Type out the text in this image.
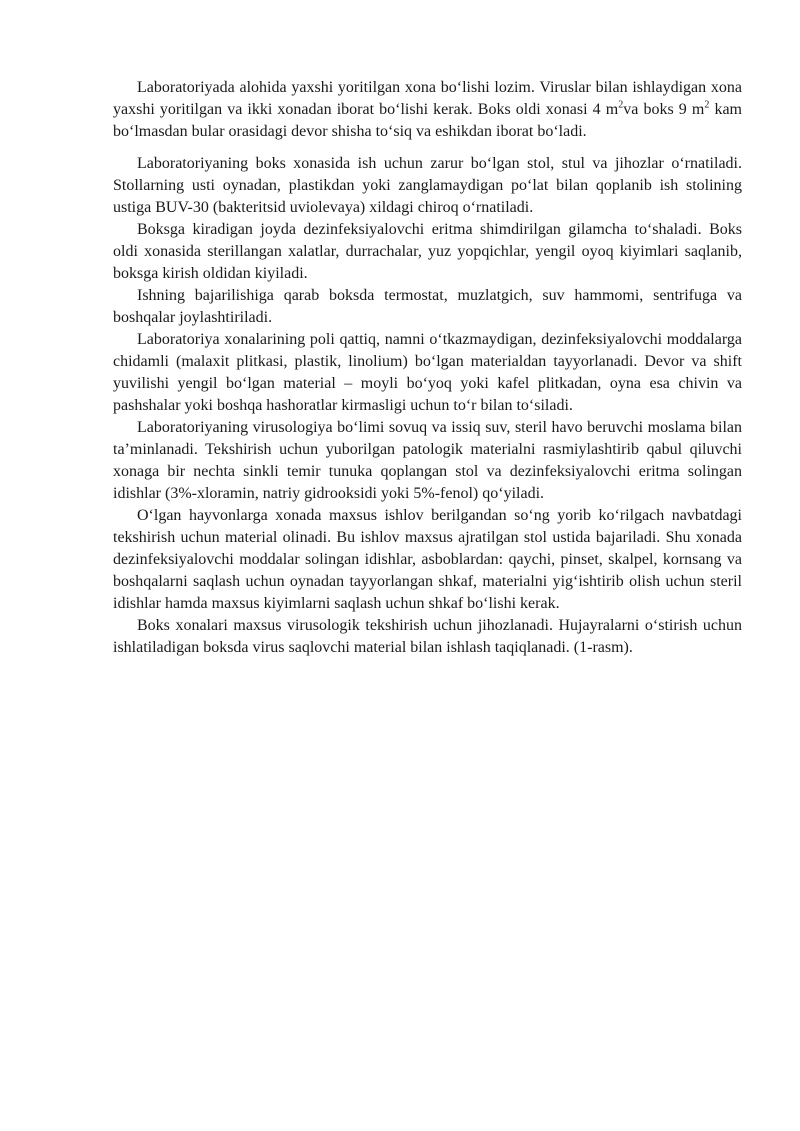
Laboratoriyada alohida yaxshi yoritilgan xona bo‘lishi lozim. Viruslar bilan ishlaydigan xona yaxshi yoritilgan va ikki xonadan iborat bo‘lishi kerak. Boks oldi xonasi 4 $m^2va$ boks 9 $m^2$ kam bo‘lmasdan bular orasidagi devor shisha to‘siq va eshikdan iborat bo‘ladi.

Laboratoriyaning boks xonasida ish uchun zarur bo‘lgan stol, stul va jihozlar o‘rnatiladi. Stollarning usti oynadan, plastikdan yoki zanglamaydigan po‘lat bilan qoplanib ish stolining ustiga BUV-30 (bakteritsid uviolevaya) xildagi chiroq o‘rnatiladi.

Boksga kiradigan joyda dezinfeksiyalovchi eritma shimdirilgan gilamcha to‘shaladi. Boks oldi xonasida sterillangan xalatlar, durrachalar, yuz yopqichlar, yengil oyoq kiyimlari saqlanib, boksga kirish oldidan kiyiladi.

Ishning bajarilishiga qarab boksda termostat, muzlatgich, suv hammomi, sentrifuga va boshqalar joylashtiriladi.

Laboratoriya xonalarining poli qattiq, namni o‘tkazmaydigan, dezinfeksiyalovchi moddalarga chidamli (malaxit plitkasi, plastik, linolium) bo‘lgan materialdan tayyorlanadi. Devor va shift yuvilishi yengil bo‘lgan material – moyli bo‘yoq yoki kafel plitkadan, oyna esa chivin va pashshalar yoki boshqa hashoratlar kirmasligi uchun to‘r bilan to‘siladi.

Laboratoriyaning virusologiya bo‘limi sovuq va issiq suv, steril havo beruvchi moslama bilan ta’minlanadi. Tekshirish uchun yuborilgan patologik materialni rasmiylashtirib qabul qiluvchi xonaga bir nechta sinkli temir tunuka qoplangan stol va dezinfeksiyalovchi eritma solingan idishlar (3%-xloramin, natriy gidrooksidi yoki 5%-fenol) qo‘yiladi.

O‘lgan hayvonlarga xonada maxsus ishlov berilgandan so‘ng yorib ko‘rilgach navbatdagi tekshirish uchun material olinadi. Bu ishlov maxsus ajratilgan stol ustida bajariladi. Shu xonada dezinfeksiyalovchi moddalar solingan idishlar, asboblardan: qaychi, pinset, skalpel, kornsang va boshqalarni saqlash uchun oynadan tayyorlangan shkaf, materialni yig‘ishtirib olish uchun steril idishlar hamda maxsus kiyimlarni saqlash uchun shkaf bo‘lishi kerak.

Boks xonalari maxsus virusologik tekshirish uchun jihozlanadi. Hujayralarni o‘stirish uchun ishlatiladigan boksda virus saqlovchi material bilan ishlash taqiqlanadi. (1-rasm).
